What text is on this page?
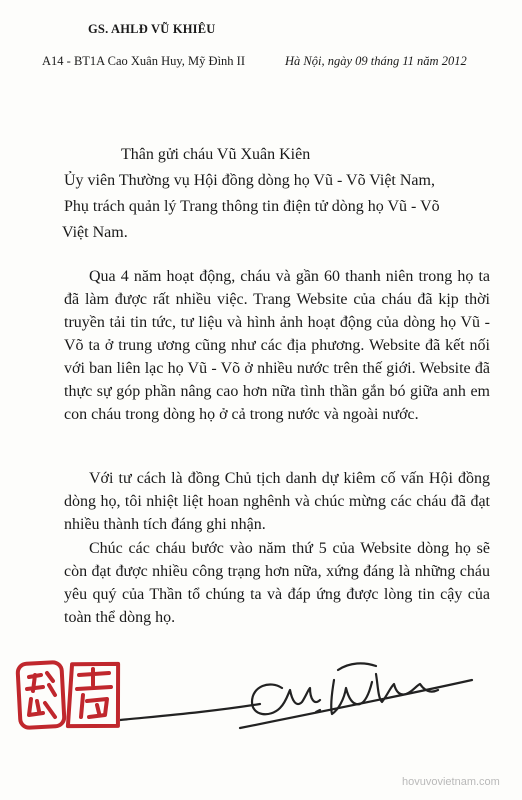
GS. AHLĐ VŨ KHIÊU
A14 - BT1A Cao Xuân Huy, Mỹ Đình II	Hà Nội, ngày 09 tháng 11 năm 2012
Thân gửi cháu Vũ Xuân Kiên
Ủy viên Thường vụ Hội đồng dòng họ Vũ - Võ Việt Nam,
Phụ trách quản lý Trang thông tin điện tử dòng họ Vũ - Võ
Việt Nam.

Qua 4 năm hoạt động, cháu và gần 60 thanh niên trong họ ta đã làm được rất nhiều việc. Trang Website của cháu đã kịp thời truyền tải tin tức, tư liệu và hình ảnh hoạt động của dòng họ Vũ - Võ ta ở trung ương cũng như các địa phương. Website đã kết nối với ban liên lạc họ Vũ - Võ ở nhiều nước trên thế giới. Website đã thực sự góp phần nâng cao hơn nữa tình thần gắn bó giữa anh em con cháu trong dòng họ ở cả trong nước và ngoài nước.

Với tư cách là đồng Chủ tịch danh dự kiêm cố vấn Hội đồng dòng họ, tôi nhiệt liệt hoan nghênh và chúc mừng các cháu đã đạt nhiều thành tích đáng ghi nhận.

Chúc các cháu bước vào năm thứ 5 của Website dòng họ sẽ còn đạt được nhiều công trạng hơn nữa, xứng đáng là những cháu yêu quý của Thần tổ chúng ta và đáp ứng được lòng tin cậy của toàn thể dòng họ.

hovuvovietnam.com
